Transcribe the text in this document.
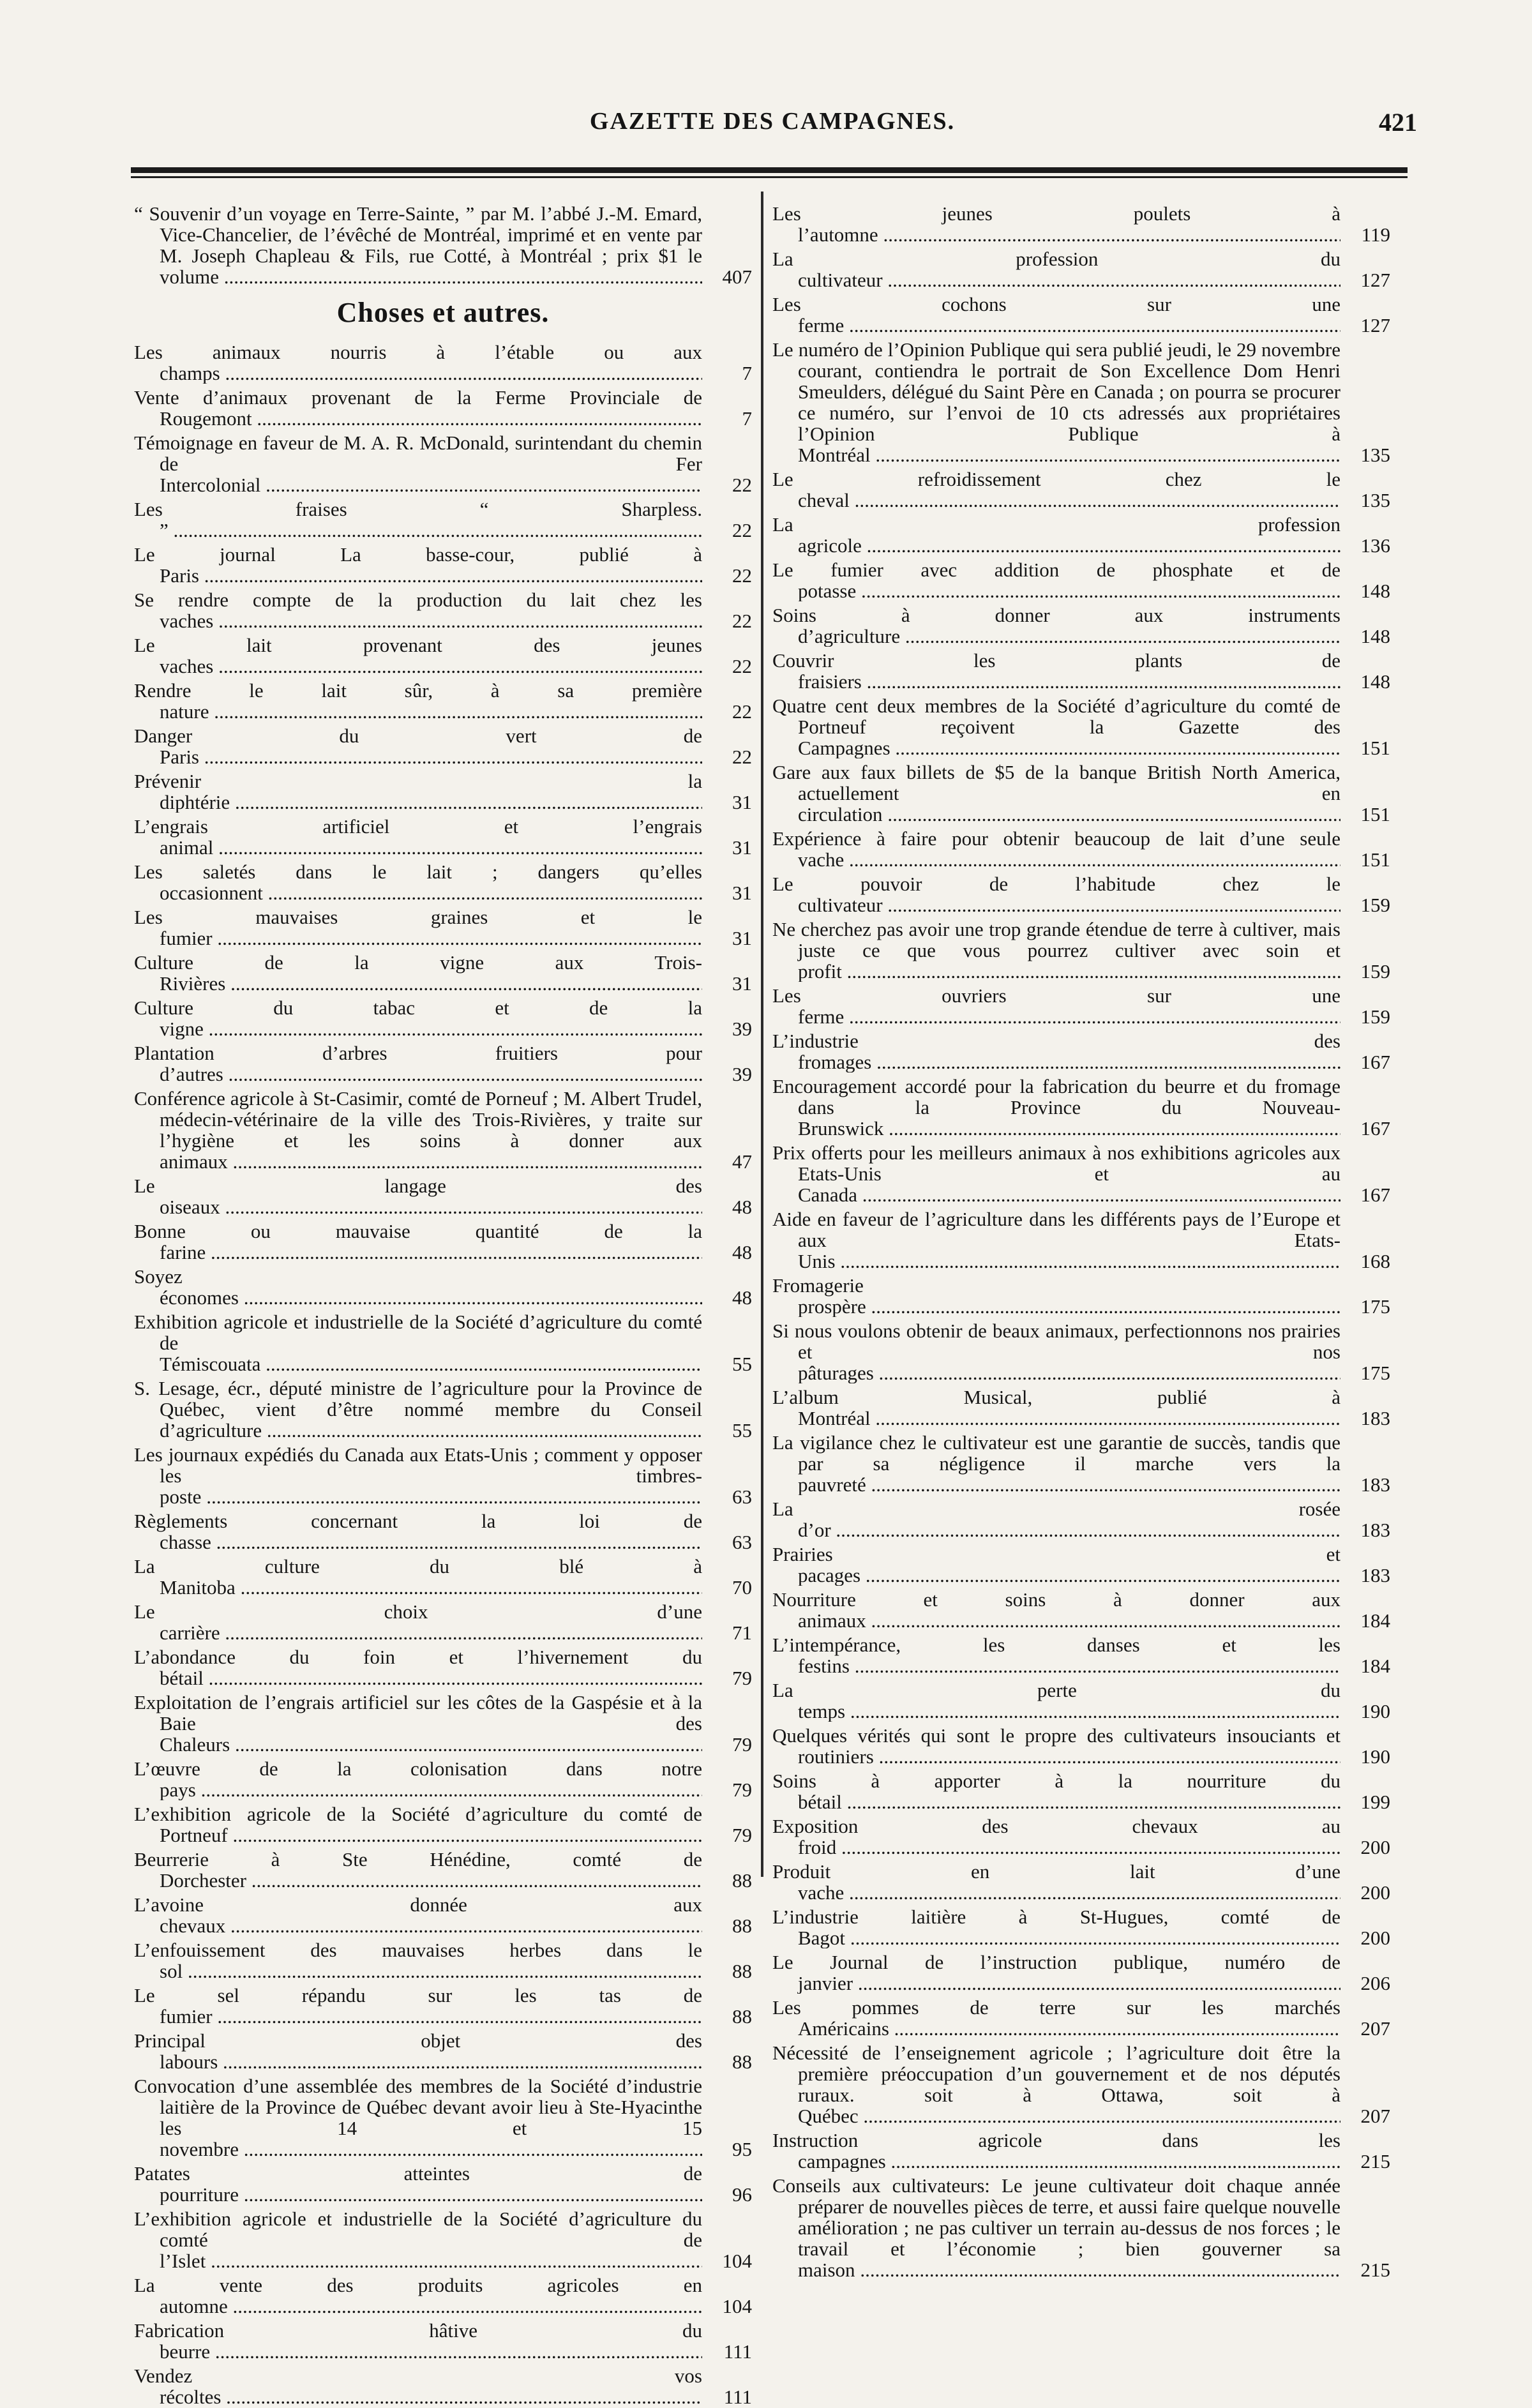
GAZETTE DES CAMPAGNES.	421
“ Souvenir d’un voyage en Terre-Sainte, ” par M. l’abbé J.-M. Emard, Vice-Chancelier, de l’évêché de Montréal, imprimé et en vente par M. Joseph Chapleau & Fils, rue Cotté, à Montréal ; prix $1 le volume .....	407
Choses et autres.
Les animaux nourris à l’étable ou aux champs .....	7
Vente d’animaux provenant de la Ferme Provinciale de Rougemont .....	7
Témoignage en faveur de M. A. R. McDonald, surintendant du chemin de Fer Intercolonial .....	22
Les fraises “ Sharpless. ” .....	22
Le journal La basse-cour, publié à Paris .....	22
Se rendre compte de la production du lait chez les vaches .....	22
Le lait provenant des jeunes vaches .....	22
Rendre le lait sûr, à sa première nature .....	22
Danger du vert de Paris .....	22
Prévenir la diphtérie .....	31
L’engrais artificiel et l’engrais animal .....	31
Les saletés dans le lait ; dangers qu’elles occasionnent .....	31
Les mauvaises graines et le fumier .....	31
Culture de la vigne aux Trois-Rivières .....	31
Culture du tabac et de la vigne .....	39
Plantation d’arbres fruitiers pour d’autres .....	39
Conférence agricole à St-Casimir, comté de Porneuf ; M. Albert Trudel, médecin-vétérinaire de la ville des Trois-Rivières, y traite sur l’hygiène et les soins à donner aux animaux .....	47
Le langage des oiseaux .....	48
Bonne ou mauvaise quantité de la farine .....	48
Soyez économes .....	48
Exhibition agricole et industrielle de la Société d’agriculture du comté de Témiscouata .....	55
S. Lesage, écr., député ministre de l’agriculture pour la Province de Québec, vient d’être nommé membre du Conseil d’agriculture .....	55
Les journaux expédiés du Canada aux Etats-Unis ; comment y opposer les timbres-poste .....	63
Règlements concernant la loi de chasse .....	63
La culture du blé à Manitoba .....	70
Le choix d’une carrière .....	71
L’abondance du foin et l’hivernement du bétail .....	79
Exploitation de l’engrais artificiel sur les côtes de la Gaspésie et à la Baie des Chaleurs .....	79
L’œuvre de la colonisation dans notre pays .....	79
L’exhibition agricole de la Société d’agriculture du comté de Portneuf .....	79
Beurrerie à Ste Hénédine, comté de Dorchester .....	88
L’avoine donnée aux chevaux .....	88
L’enfouissement des mauvaises herbes dans le sol .....	88
Le sel répandu sur les tas de fumier .....	88
Principal objet des labours .....	88
Convocation d’une assemblée des membres de la Société d’industrie laitière de la Province de Québec devant avoir lieu à Ste-Hyacinthe les 14 et 15 novembre .....	95
Patates atteintes de pourriture .....	96
L’exhibition agricole et industrielle de la Société d’agriculture du comté de l’Islet .....	104
La vente des produits agricoles en automne .....	104
Fabrication hâtive du beurre .....	111
Vendez vos récoltes .....	111
Les jeunes poulets à l’automne .....	119
La profession du cultivateur .....	127
Les cochons sur une ferme .....	127
Le numéro de l’Opinion Publique qui sera publié jeudi, le 29 novembre courant, contiendra le portrait de Son Excellence Dom Henri Smeulders, délégué du Saint Père en Canada ; on pourra se procurer ce numéro, sur l’envoi de 10 cts adressés aux propriétaires l’Opinion Publique à Montréal .....	135
Le refroidissement chez le cheval .....	135
La profession agricole .....	136
Le fumier avec addition de phosphate et de potasse .....	148
Soins à donner aux instruments d’agriculture .....	148
Couvrir les plants de fraisiers .....	148
Quatre cent deux membres de la Société d’agriculture du comté de Portneuf reçoivent la Gazette des Campagnes .....	151
Gare aux faux billets de $5 de la banque British North America, actuellement en circulation .....	151
Expérience à faire pour obtenir beaucoup de lait d’une seule vache .....	151
Le pouvoir de l’habitude chez le cultivateur .....	159
Ne cherchez pas avoir une trop grande étendue de terre à cultiver, mais juste ce que vous pourrez cultiver avec soin et profit .....	159
Les ouvriers sur une ferme .....	159
L’industrie des fromages .....	167
Encouragement accordé pour la fabrication du beurre et du fromage dans la Province du Nouveau-Brunswick .....	167
Prix offerts pour les meilleurs animaux à nos exhibitions agricoles aux Etats-Unis et au Canada .....	167
Aide en faveur de l’agriculture dans les différents pays de l’Europe et aux Etats-Unis .....	168
Fromagerie prospère .....	175
Si nous voulons obtenir de beaux animaux, perfectionnons nos prairies et nos pâturages .....	175
L’album Musical, publié à Montréal .....	183
La vigilance chez le cultivateur est une garantie de succès, tandis que par sa négligence il marche vers la pauvreté .....	183
La rosée d’or .....	183
Prairies et pacages .....	183
Nourriture et soins à donner aux animaux .....	184
L’intempérance, les danses et les festins .....	184
La perte du temps .....	190
Quelques vérités qui sont le propre des cultivateurs insouciants et routiniers .....	190
Soins à apporter à la nourriture du bétail .....	199
Exposition des chevaux au froid .....	200
Produit en lait d’une vache .....	200
L’industrie laitière à St-Hugues, comté de Bagot .....	200
Le Journal de l’instruction publique, numéro de janvier .....	206
Les pommes de terre sur les marchés Américains .....	207
Nécessité de l’enseignement agricole ; l’agriculture doit être la première préoccupation d’un gouvernement et de nos députés ruraux. soit à Ottawa, soit à Québec .....	207
Instruction agricole dans les campagnes .....	215
Conseils aux cultivateurs: Le jeune cultivateur doit chaque année préparer de nouvelles pièces de terre, et aussi faire quelque nouvelle amélioration ; ne pas cultiver un terrain au-dessus de nos forces ; le travail et l’économie ; bien gouverner sa maison .....	215
